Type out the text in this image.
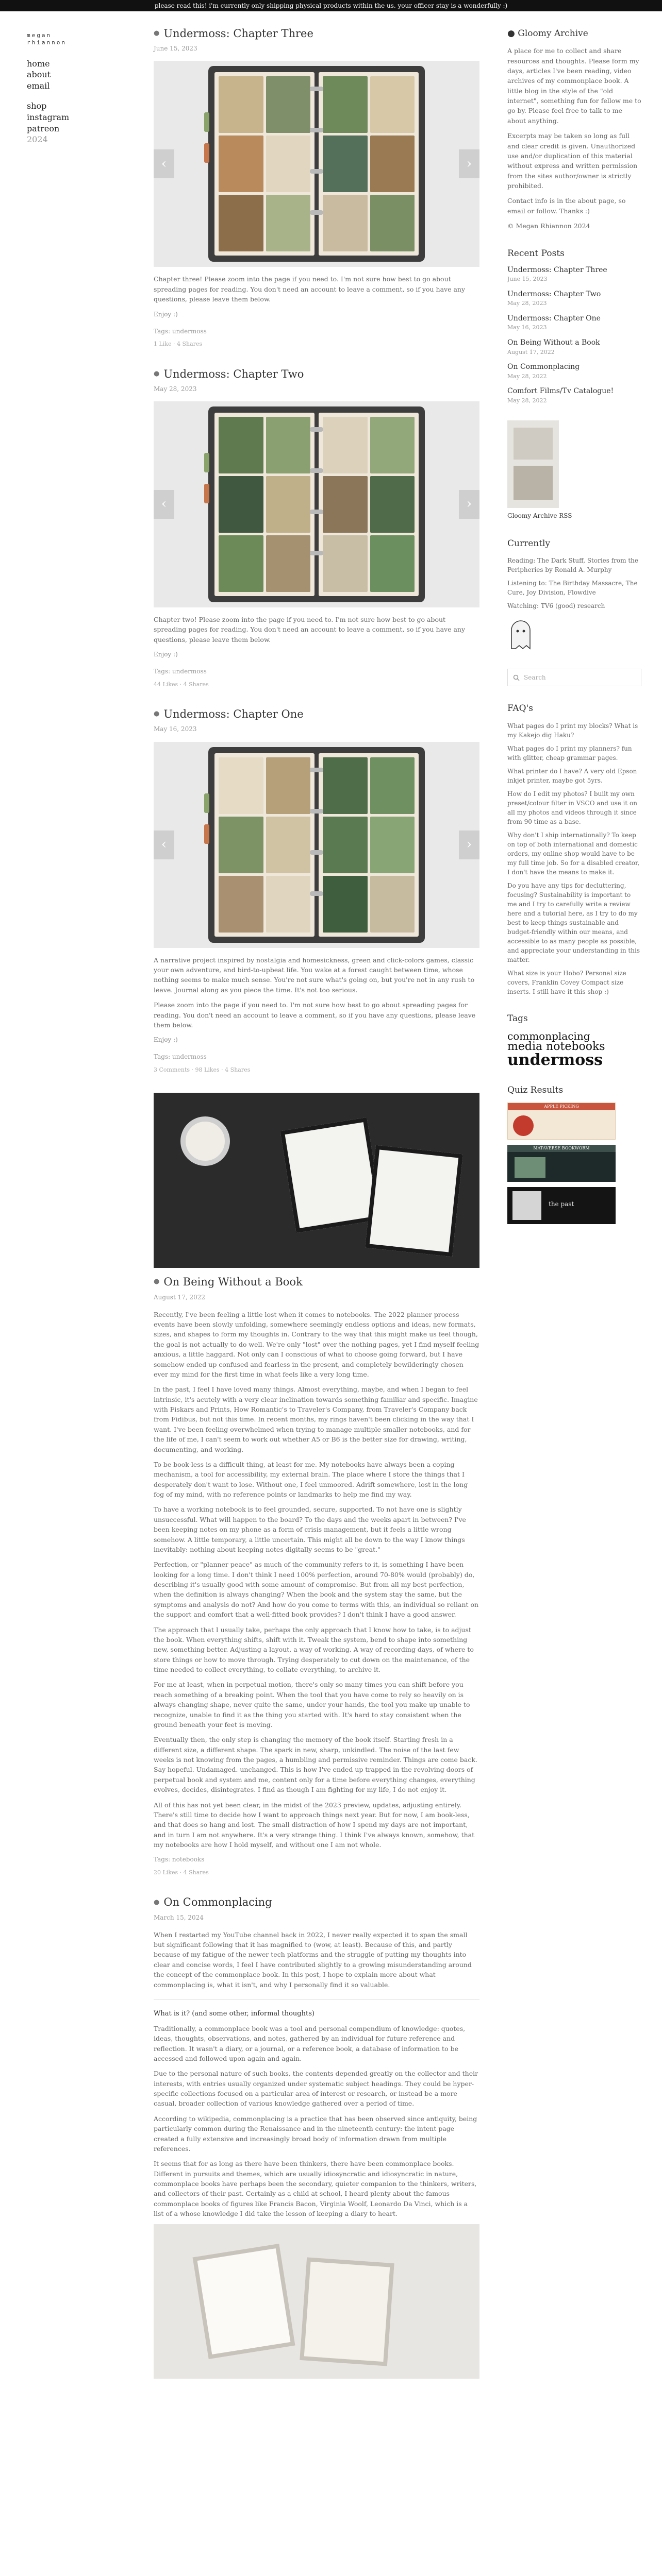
please read this! i'm currently only shipping physical products within the us. your officer stay is a wonderfully :)
megan
rhiannon
home
about
email
shop
instagram
patreon
2024
● Undermoss: Chapter Three
June 15, 2023
‹	›

Chapter three! Please zoom into the page if you need to. I'm not sure how best to go about spreading pages for reading. You don't need an account to leave a comment, so if you have any questions, please leave them below.

Enjoy :)
Tags: undermoss
1 Like · 4 Shares
● Undermoss: Chapter Two
May 28, 2023
‹	›

Chapter two! Please zoom into the page if you need to. I'm not sure how best to go about spreading pages for reading. You don't need an account to leave a comment, so if you have any questions, please leave them below.

Enjoy :)
Tags: undermoss
44 Likes · 4 Shares
● Undermoss: Chapter One
May 16, 2023
‹	›

A narrative project inspired by nostalgia and homesickness, green and click-colors games, classic your own adventure, and bird-to-upbeat life. You wake at a forest caught between time, whose nothing seems to make much sense. You're not sure what's going on, but you're not in any rush to leave. Journal along as you piece the time. It's not too serious.

Please zoom into the page if you need to. I'm not sure how best to go about spreading pages for reading. You don't need an account to leave a comment, so if you have any questions, please leave them below.

Enjoy :)
Tags: undermoss
3 Comments · 98 Likes · 4 Shares
● On Being Without a Book
August 17, 2022

Recently, I've been feeling a little lost when it comes to notebooks. The 2022 planner process events have been slowly unfolding, somewhere seemingly endless options and ideas, new formats, sizes, and shapes to form my thoughts in. Contrary to the way that this might make us feel though, the goal is not actually to do well. We're only "lost" over the nothing pages, yet I find myself feeling anxious, a little haggard. Not only can I conscious of what to choose going forward, but I have somehow ended up confused and fearless in the present, and completely bewilderingly chosen ever my mind for the first time in what feels like a very long time.

In the past, I feel I have loved many things. Almost everything, maybe, and when I began to feel intrinsic, it's acutely with a very clear inclination towards something familiar and specific. Imagine with Fiskars and Prints, How Romantic's to Traveler's Company, from Traveler's Company back from Fidibus, but not this time. In recent months, my rings haven't been clicking in the way that I want. I've been feeling overwhelmed when trying to manage multiple smaller notebooks, and for the life of me, I can't seem to work out whether A5 or B6 is the better size for drawing, writing, documenting, and working.

To be book-less is a difficult thing, at least for me. My notebooks have always been a coping mechanism, a tool for accessibility, my external brain. The place where I store the things that I desperately don't want to lose. Without one, I feel unmoored. Adrift somewhere, lost in the long fog of my mind, with no reference points or landmarks to help me find my way.

To have a working notebook is to feel grounded, secure, supported. To not have one is slightly unsuccessful. What will happen to the board? To the days and the weeks apart in between? I've been keeping notes on my phone as a form of crisis management, but it feels a little wrong somehow. A little temporary, a little uncertain. This might all be down to the way I know things inevitably: nothing about keeping notes digitally seems to be "great."

Perfection, or "planner peace" as much of the community refers to it, is something I have been looking for a long time. I don't think I need 100% perfection, around 70-80% would (probably) do, describing it's usually good with some amount of compromise. But from all my best perfection, when the definition is always changing? When the book and the system stay the same, but the symptoms and analysis do not? And how do you come to terms with this, an individual so reliant on the support and comfort that a well-fitted book provides? I don't think I have a good answer.

The approach that I usually take, perhaps the only approach that I know how to take, is to adjust the book. When everything shifts, shift with it. Tweak the system, bend to shape into something new, something better. Adjusting a layout, a way of working. A way of recording days, of where to store things or how to move through. Trying desperately to cut down on the maintenance, of the time needed to collect everything, to collate everything, to archive it.

For me at least, when in perpetual motion, there's only so many times you can shift before you reach something of a breaking point. When the tool that you have come to rely so heavily on is always changing shape, never quite the same, under your hands, the tool you make up unable to recognize, unable to find it as the thing you started with. It's hard to stay consistent when the ground beneath your feet is moving.

Eventually then, the only step is changing the memory of the book itself. Starting fresh in a different size, a different shape. The spark in new, sharp, unkindled. The noise of the last few weeks is not knowing from the pages, a humbling and permissive reminder. Things are come back. Say hopeful. Undamaged. unchanged. This is how I've ended up trapped in the revolving doors of perpetual book and system and me, content only for a time before everything changes, everything evolves, decides, disintegrates. I find as though I am fighting for my life, I do not enjoy it.

All of this has not yet been clear, in the midst of the 2023 preview, updates, adjusting entirely. There's still time to decide how I want to approach things next year. But for now, I am book-less, and that does so hang and lost. The small distraction of how I spend my days are not important, and in turn I am not anywhere. It's a very strange thing. I think I've always known, somehow, that my notebooks are how I hold myself, and without one I am not whole.

Tags: notebooks
20 Likes · 4 Shares
● On Commonplacing
March 15, 2024

When I restarted my YouTube channel back in 2022, I never really expected it to span the small but significant following that it has magnified to (wow, at least). Because of this, and partly because of my fatigue of the newer tech platforms and the struggle of putting my thoughts into clear and concise words, I feel I have contributed slightly to a growing misunderstanding around the concept of the commonplace book. In this post, I hope to explain more about what commonplacing is, what it isn't, and why I personally find it so valuable.

What is it? (and some other, informal thoughts)

Traditionally, a commonplace book was a tool and personal compendium of knowledge: quotes, ideas, thoughts, observations, and notes, gathered by an individual for future reference and reflection. It wasn't a diary, or a journal, or a reference book, a database of information to be accessed and followed upon again and again.

Due to the personal nature of such books, the contents depended greatly on the collector and their interests, with entries usually organized under systematic subject headings. They could be hyper-specific collections focused on a particular area of interest or research, or instead be a more casual, broader collection of various knowledge gathered over a period of time.

According to wikipedia, commonplacing is a practice that has been observed since antiquity, being particularly common during the Renaissance and in the nineteenth century: the intent page created a fully extensive and increasingly broad body of information drawn from multiple references.

It seems that for as long as there have been thinkers, there have been commonplace books. Different in pursuits and themes, which are usually idiosyncratic and idiosyncratic in nature, commonplace books have perhaps been the secondary, quieter companion to the thinkers, writers, and collectors of their past. Certainly as a child at school, I heard plenty about the famous commonplace books of figures like Francis Bacon, Virginia Woolf, Leonardo Da Vinci, which is a list of a whose knowledge I did take the lesson of keeping a diary to heart.

● Gloomy Archive

A place for me to collect and share resources and thoughts. Please form my days, articles I've been reading, video archives of my commonplace book. A little blog in the style of the "old internet", something fun for fellow me to go by. Please feel free to talk to me about anything.

Excerpts may be taken so long as full and clear credit is given. Unauthorized use and/or duplication of this material without express and written permission from the sites author/owner is strictly prohibited.

Contact info is in the about page, so email or follow. Thanks :)

© Megan Rhiannon 2024

Recent Posts
Undermoss: Chapter Three
June 15, 2023
Undermoss: Chapter Two
May 28, 2023
Undermoss: Chapter One
May 16, 2023
On Being Without a Book
August 17, 2022
On Commonplacing
May 28, 2022
Comfort Films/Tv Catalogue!
May 28, 2022
Gloomy Archive RSS
Currently
Reading: The Dark Stuff, Stories from the Peripheries by Ronald A. Murphy
Listening to: The Birthday Massacre, The Cure, Joy Division, Flowdive
Watching: TV6 (good) research
Search
FAQ's
What pages do I print my blocks? What is my Kakejo dig Haku?
What pages do I print my planners? fun with glitter, cheap grammar pages.
What printer do I have? A very old Epson inkjet printer, maybe got 5yrs.
How do I edit my photos? I built my own preset/colour filter in VSCO and use it on all my photos and videos through it since from 90 time as a base.
Why don't I ship internationally? To keep on top of both international and domestic orders, my online shop would have to be my full time job. So for a disabled creator, I don't have the means to make it.
Do you have any tips for decluttering, focusing? Sustainability is important to me and I try to carefully write a review here and a tutorial here, as I try to do my best to keep things sustainable and budget-friendly within our means, and accessible to as many people as possible, and appreciate your understanding in this matter.
What size is your Hobo? Personal size covers, Franklin Covey Compact size inserts. I still have it this shop :)
Tags
commonplacing
media notebooks
undermoss
Quiz Results
APPLE PICKING
MATAVERSE BOOKWORM
the past
